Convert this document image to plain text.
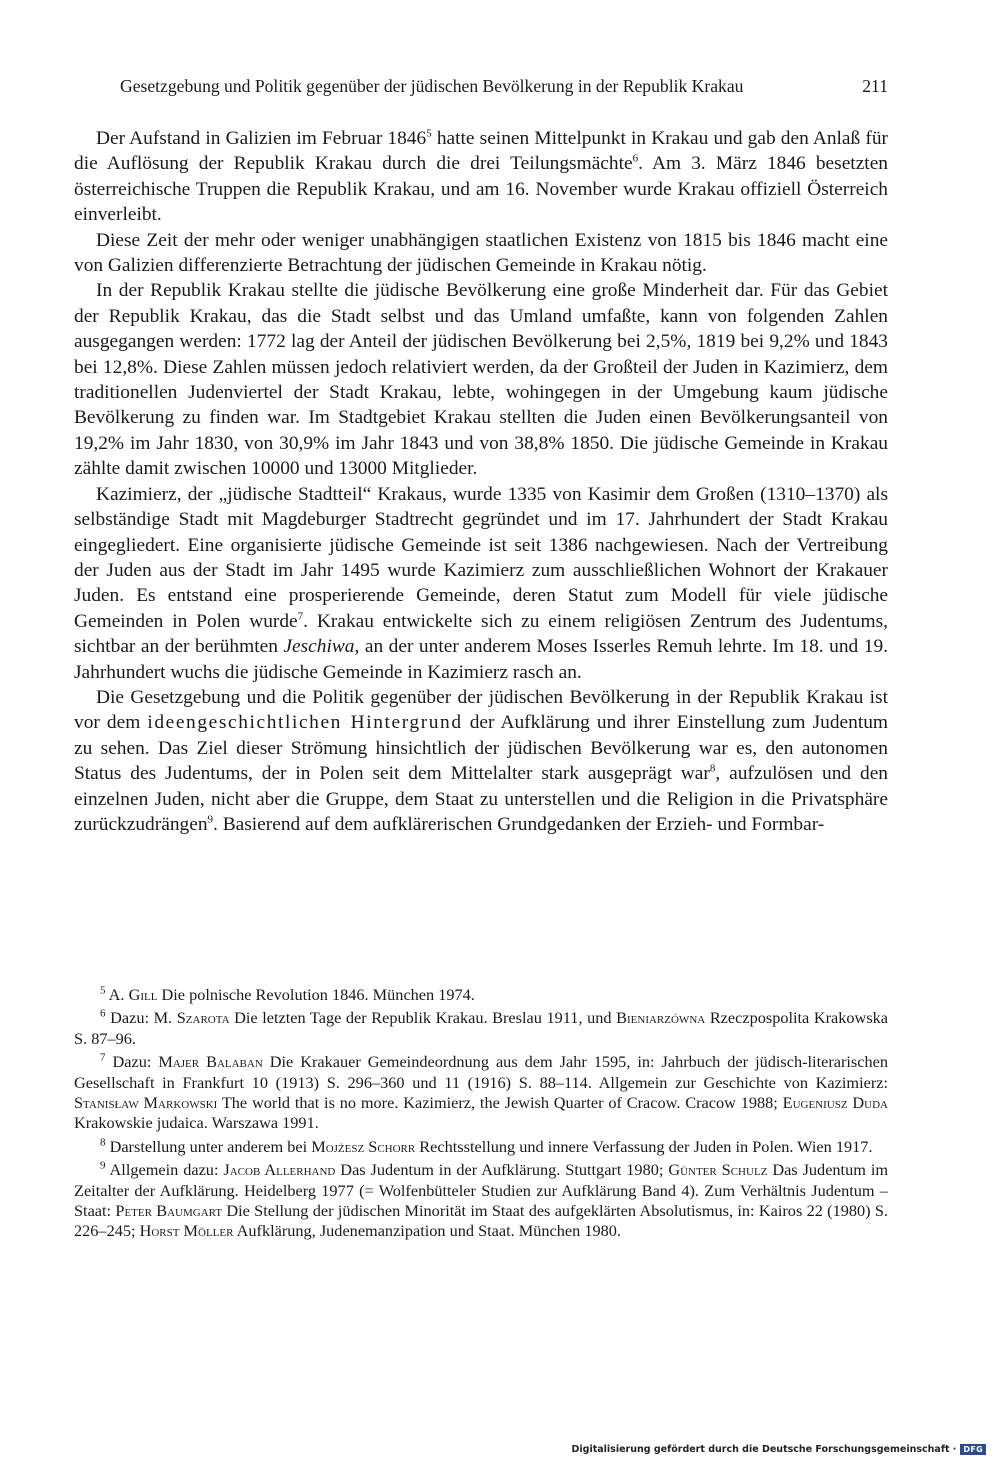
Gesetzgebung und Politik gegenüber der jüdischen Bevölkerung in der Republik Krakau	211

Der Aufstand in Galizien im Februar 1846$^5$ hatte seinen Mittelpunkt in Krakau und gab den Anlaß für die Auflösung der Republik Krakau durch die drei Teilungsmächte$^6$. Am 3. März 1846 besetzten österreichische Truppen die Republik Krakau, und am 16. November wurde Krakau offiziell Österreich einverleibt.

Diese Zeit der mehr oder weniger unabhängigen staatlichen Existenz von 1815 bis 1846 macht eine von Galizien differenzierte Betrachtung der jüdischen Gemeinde in Krakau nötig.

In der Republik Krakau stellte die jüdische Bevölkerung eine große Minderheit dar. Für das Gebiet der Republik Krakau, das die Stadt selbst und das Umland umfaßte, kann von folgenden Zahlen ausgegangen werden: 1772 lag der Anteil der jüdischen Bevölkerung bei 2,5%, 1819 bei 9,2% und 1843 bei 12,8%. Diese Zahlen müssen jedoch relativiert werden, da der Großteil der Juden in Kazimierz, dem traditionellen Judenviertel der Stadt Krakau, lebte, wohingegen in der Umgebung kaum jüdische Bevölkerung zu finden war. Im Stadtgebiet Krakau stellten die Juden einen Bevölkerungsanteil von 19,2% im Jahr 1830, von 30,9% im Jahr 1843 und von 38,8% 1850. Die jüdische Gemeinde in Krakau zählte damit zwischen 10000 und 13000 Mitglieder.

Kazimierz, der „jüdische Stadtteil“ Krakaus, wurde 1335 von Kasimir dem Großen (1310–1370) als selbständige Stadt mit Magdeburger Stadtrecht gegründet und im 17. Jahrhundert der Stadt Krakau eingegliedert. Eine organisierte jüdische Gemeinde ist seit 1386 nachgewiesen. Nach der Vertreibung der Juden aus der Stadt im Jahr 1495 wurde Kazimierz zum ausschließlichen Wohnort der Krakauer Juden. Es entstand eine prosperierende Gemeinde, deren Statut zum Modell für viele jüdische Gemeinden in Polen wurde$^7$. Krakau entwickelte sich zu einem religiösen Zentrum des Judentums, sichtbar an der berühmten Jeschiwa, an der unter anderem Moses Isserles Remuh lehrte. Im 18. und 19. Jahrhundert wuchs die jüdische Gemeinde in Kazimierz rasch an.

Die Gesetzgebung und die Politik gegenüber der jüdischen Bevölkerung in der Republik Krakau ist vor dem ideengeschichtlichen Hintergrund der Aufklärung und ihrer Einstellung zum Judentum zu sehen. Das Ziel dieser Strömung hinsichtlich der jüdischen Bevölkerung war es, den autonomen Status des Judentums, der in Polen seit dem Mittelalter stark ausgeprägt war$^8$, aufzulösen und den einzelnen Juden, nicht aber die Gruppe, dem Staat zu unterstellen und die Religion in die Privatsphäre zurückzudrängen$^9$. Basierend auf dem aufklärerischen Grundgedanken der Erzieh- und Formbar-

$^5$ A. Gill Die polnische Revolution 1846. München 1974.

$^6$ Dazu: M. Szarota Die letzten Tage der Republik Krakau. Breslau 1911, und Bieniarzówna Rzeczpospolita Krakowska S. 87–96.

$^7$ Dazu: Majer Balaban Die Krakauer Gemeindeordnung aus dem Jahr 1595, in: Jahrbuch der jüdisch-literarischen Gesellschaft in Frankfurt 10 (1913) S. 296–360 und 11 (1916) S. 88–114. Allgemein zur Geschichte von Kazimierz: Stanisław Markowski The world that is no more. Kazimierz, the Jewish Quarter of Cracow. Cracow 1988; Eugeniusz Duda Krakowskie judaica. Warszawa 1991.

$^8$ Darstellung unter anderem bei Mojżesz Schorr Rechtsstellung und innere Verfassung der Juden in Polen. Wien 1917.

$^9$ Allgemein dazu: Jacob Allerhand Das Judentum in der Aufklärung. Stuttgart 1980; Günter Schulz Das Judentum im Zeitalter der Aufklärung. Heidelberg 1977 (= Wolfenbütteler Studien zur Aufklärung Band 4). Zum Verhältnis Judentum – Staat: Peter Baumgart Die Stellung der jüdischen Minorität im Staat des aufgeklärten Absolutismus, in: Kairos 22 (1980) S. 226–245; Horst Möller Aufklärung, Judenemanzipation und Staat. München 1980.

Digitalisierung gefördert durch die Deutsche Forschungsgemeinschaft · DFG
